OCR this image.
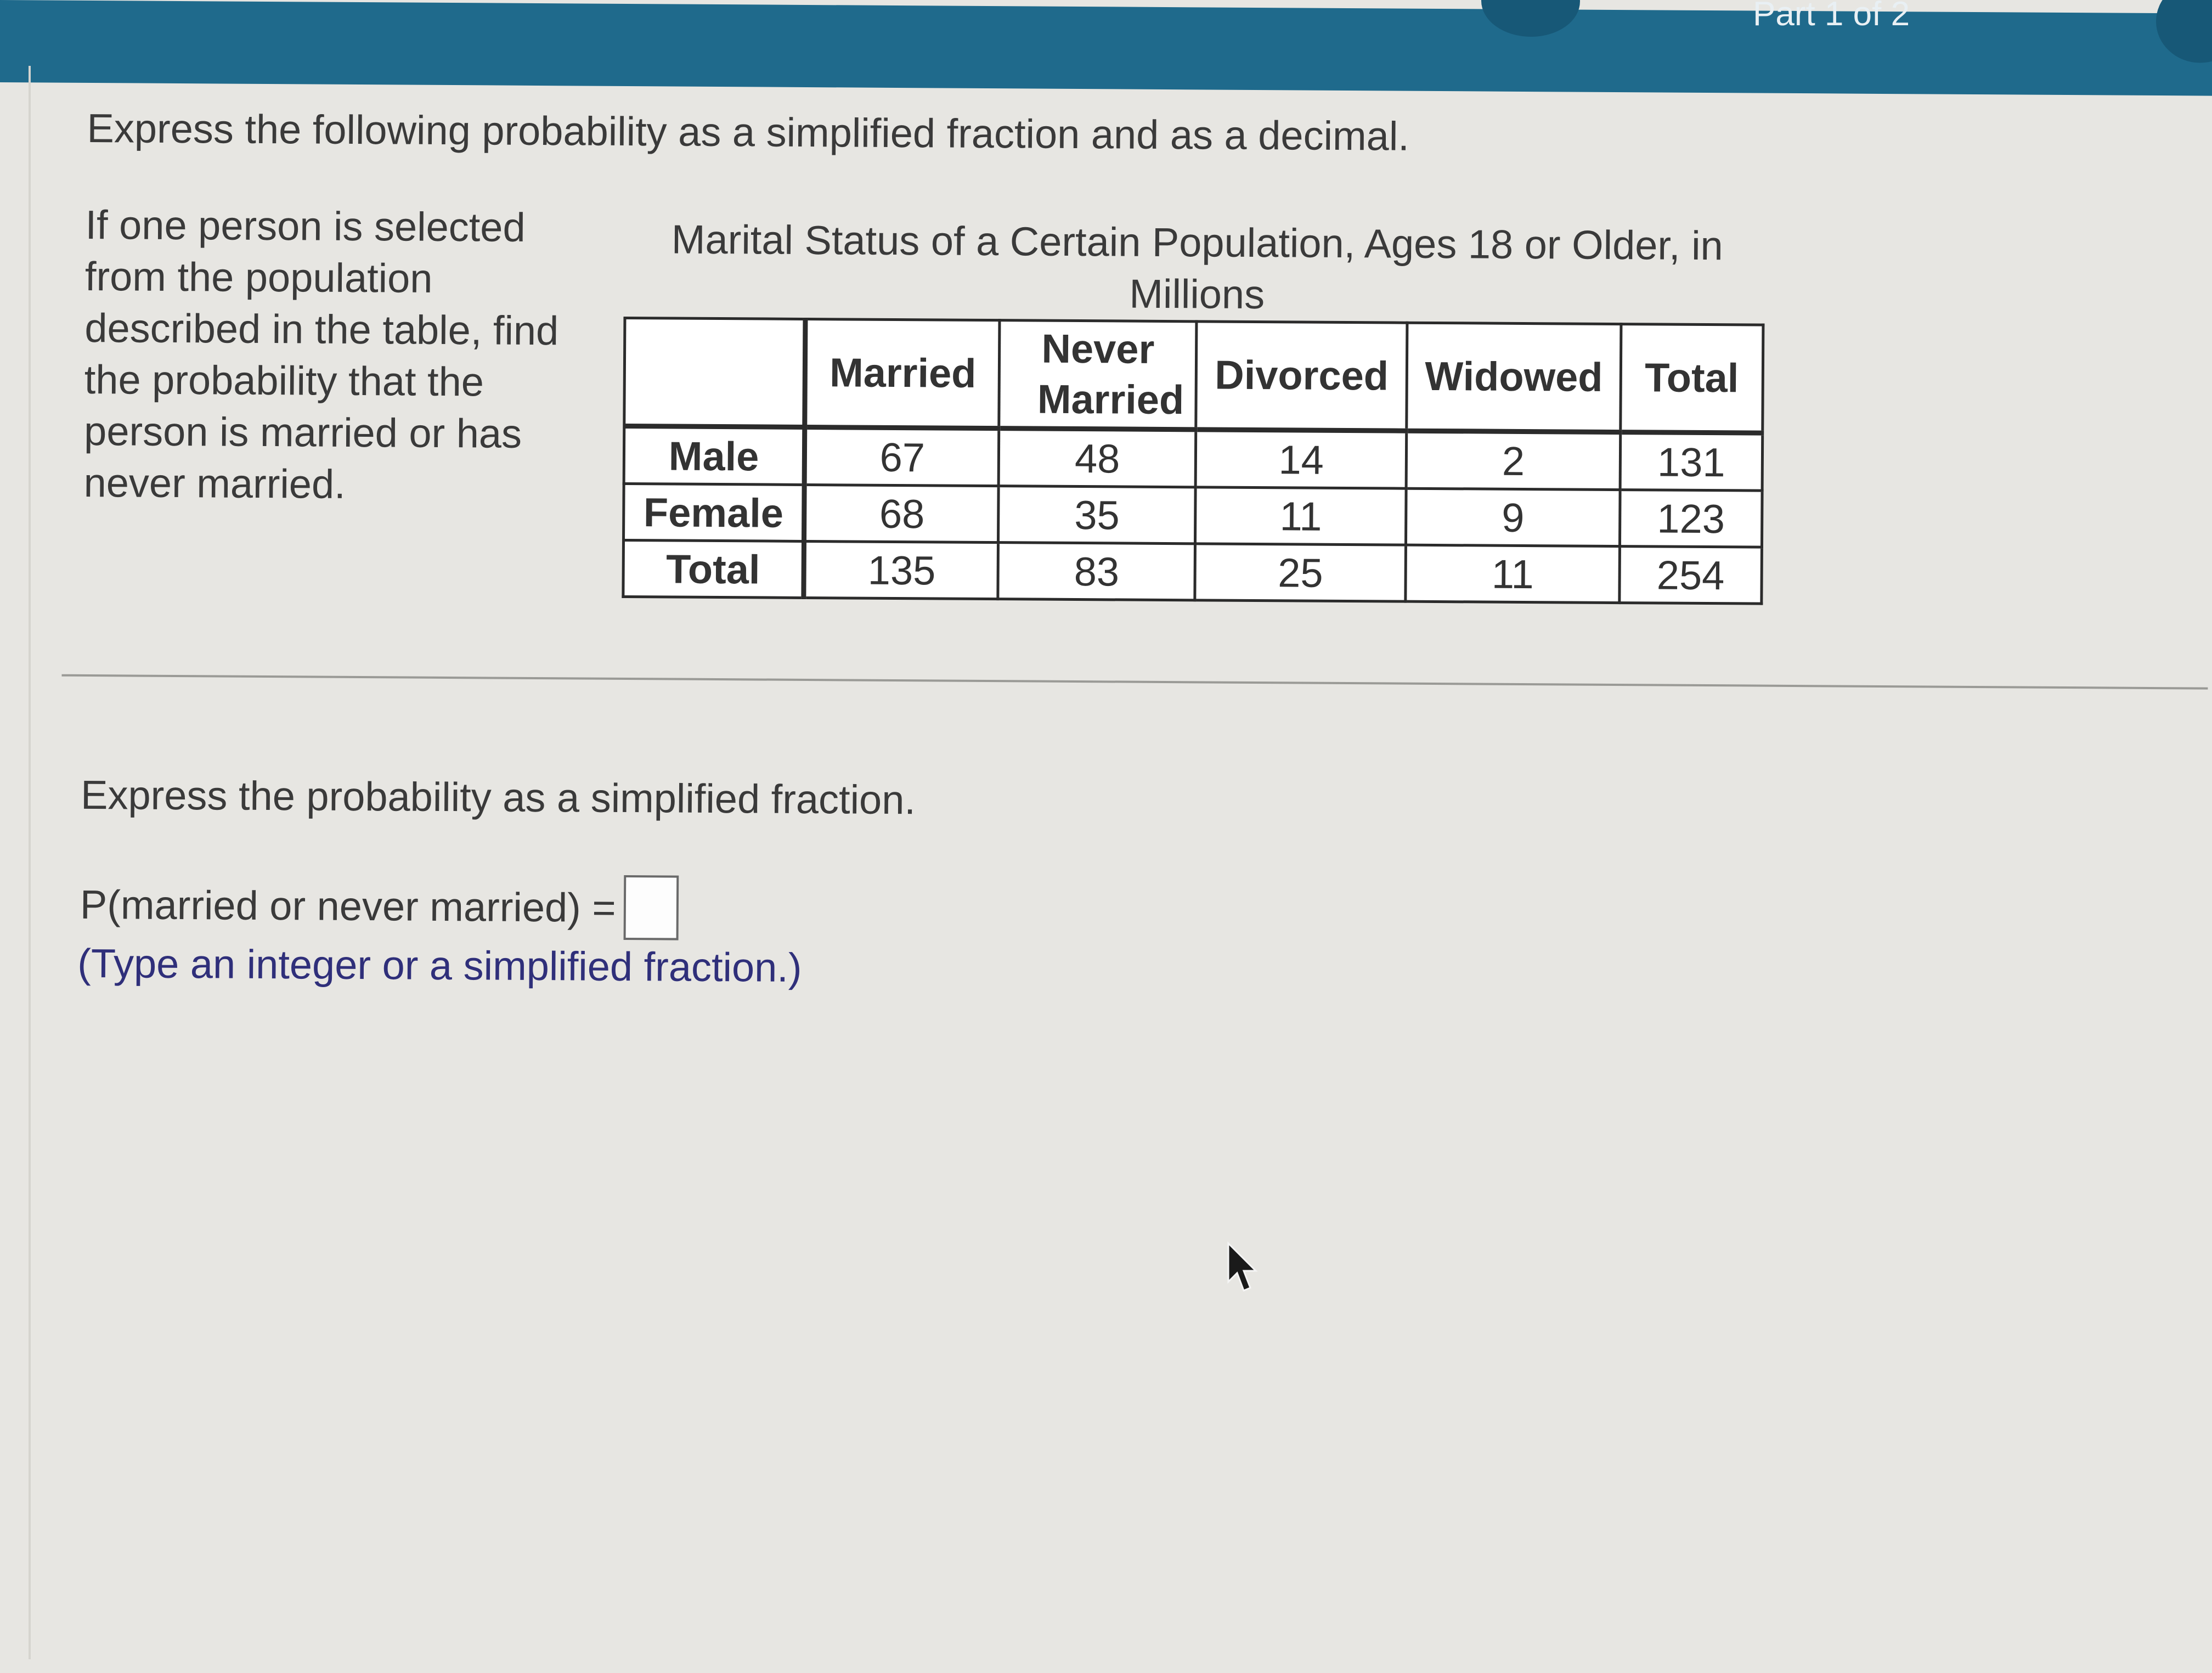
Part 1 of 2
Express the following probability as a simplified fraction and as a decimal.
If one person is selected from the population described in the table, find the probability that the person is married or has never married.
Marital Status of a Certain Population, Ages 18 or Older, in Millions
	Married	Never Married	Divorced	Widowed	Total
Male	67	48	14	2	131
Female	68	35	11	9	123
Total	135	83	25	11	254
Express the probability as a simplified fraction.
P(married or never married) =
(Type an integer or a simplified fraction.)
